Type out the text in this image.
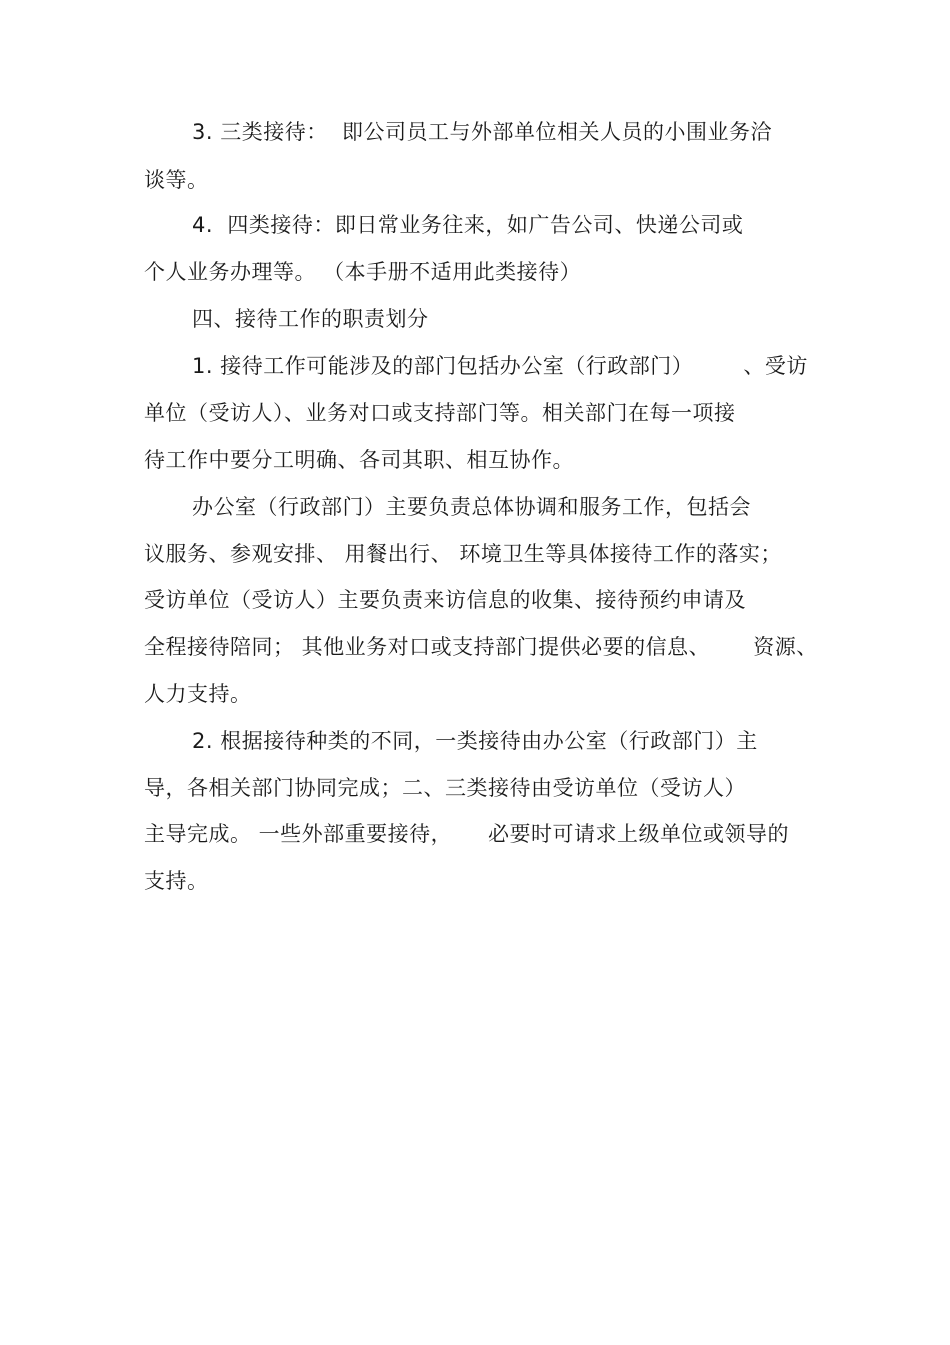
3. 三类接待：  即公司员工与外部单位相关人员的小围业务洽
谈等。
4.  四类接待：即日常业务往来，如广告公司、快递公司或
个人业务办理等。 （本手册不适用此类接待）
四、接待工作的职责划分
1. 接待工作可能涉及的部门包括办公室（行政部门）       、受访
单位（受访人）、业务对口或支持部门等。相关部门在每一项接
待工作中要分工明确、各司其职、相互协作。
办公室（行政部门）主要负责总体协调和服务工作，包括会
议服务、参观安排、 用餐出行、 环境卫生等具体接待工作的落实；
受访单位（受访人）主要负责来访信息的收集、接待预约申请及
全程接待陪同； 其他业务对口或支持部门提供必要的信息、      资源、
人力支持。
2. 根据接待种类的不同，一类接待由办公室（行政部门）主
导，各相关部门协同完成；二、三类接待由受访单位（受访人）
主导完成。 一些外部重要接待，     必要时可请求上级单位或领导的
支持。
